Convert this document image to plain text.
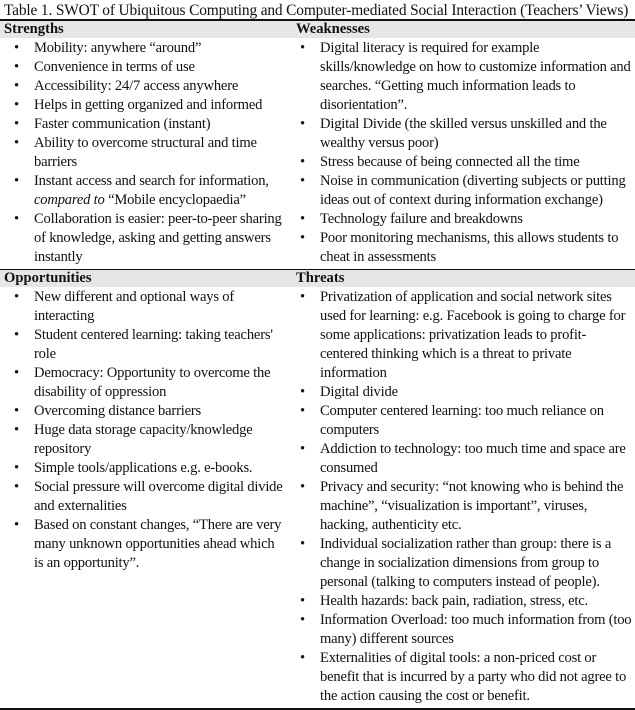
Table 1. SWOT of Ubiquitous Computing and Computer-mediated Social Interaction (Teachers’ Views)
Strengths	Weaknesses
• Mobility: anywhere “around”
• Convenience in terms of use
• Accessibility: 24/7 access anywhere
• Helps in getting organized and informed
• Faster communication (instant)
• Ability to overcome structural and time barriers
• Instant access and search for information, compared to “Mobile encyclopaedia”
• Collaboration is easier: peer-to-peer sharing of knowledge, asking and getting answers instantly
• Digital literacy is required for example skills/knowledge on how to customize information and searches. “Getting much information leads to disorientation”.
• Digital Divide (the skilled versus unskilled and the wealthy versus poor)
• Stress because of being connected all the time
• Noise in communication (diverting subjects or putting ideas out of context during information exchange)
• Technology failure and breakdowns
• Poor monitoring mechanisms, this allows students to cheat in assessments
Opportunities	Threats
• New different and optional ways of interacting
• Student centered learning: taking teachers' role
• Democracy: Opportunity to overcome the disability of oppression
• Overcoming distance barriers
• Huge data storage capacity/knowledge repository
• Simple tools/applications e.g. e-books.
• Social pressure will overcome digital divide and externalities
• Based on constant changes, “There are very many unknown opportunities ahead which is an opportunity”.
• Privatization of application and social network sites used for learning: e.g. Facebook is going to charge for some applications: privatization leads to profit-centered thinking which is a threat to private information
• Digital divide
• Computer centered learning: too much reliance on computers
• Addiction to technology: too much time and space are consumed
• Privacy and security: “not knowing who is behind the machine”, “visualization is important”, viruses, hacking, authenticity etc.
• Individual socialization rather than group: there is a change in socialization dimensions from group to personal (talking to computers instead of people).
• Health hazards: back pain, radiation, stress, etc.
• Information Overload: too much information from (too many) different sources
• Externalities of digital tools: a non-priced cost or benefit that is incurred by a party who did not agree to the action causing the cost or benefit.
